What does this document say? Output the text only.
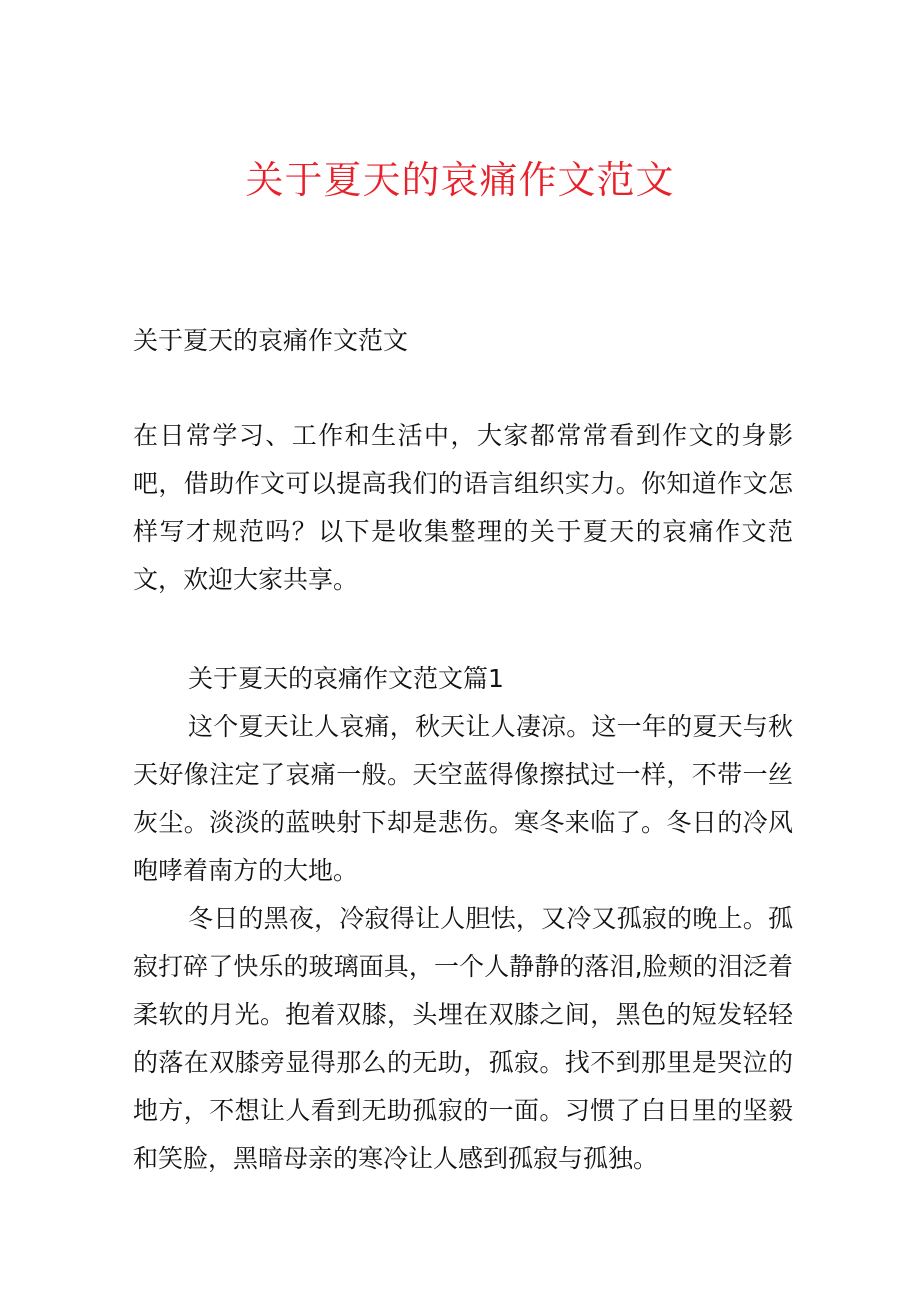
关于夏天的哀痛作文范文

关于夏天的哀痛作文范文

在日常学习、工作和生活中，大家都常常看到作文的身影吧，借助作文可以提高我们的语言组织实力。你知道作文怎样写才规范吗？以下是收集整理的关于夏天的哀痛作文范文，欢迎大家共享。

关于夏天的哀痛作文范文篇1

这个夏天让人哀痛，秋天让人凄凉。这一年的夏天与秋天好像注定了哀痛一般。天空蓝得像擦拭过一样，不带一丝灰尘。淡淡的蓝映射下却是悲伤。寒冬来临了。冬日的冷风咆哮着南方的大地。

冬日的黑夜，冷寂得让人胆怯，又冷又孤寂的晚上。孤寂打碎了快乐的玻璃面具，一个人静静的落泪,脸颊的泪泛着柔软的月光。抱着双膝，头埋在双膝之间，黑色的短发轻轻的落在双膝旁显得那么的无助，孤寂。找不到那里是哭泣的地方，不想让人看到无助孤寂的一面。习惯了白日里的坚毅和笑脸，黑暗母亲的寒冷让人感到孤寂与孤独。
